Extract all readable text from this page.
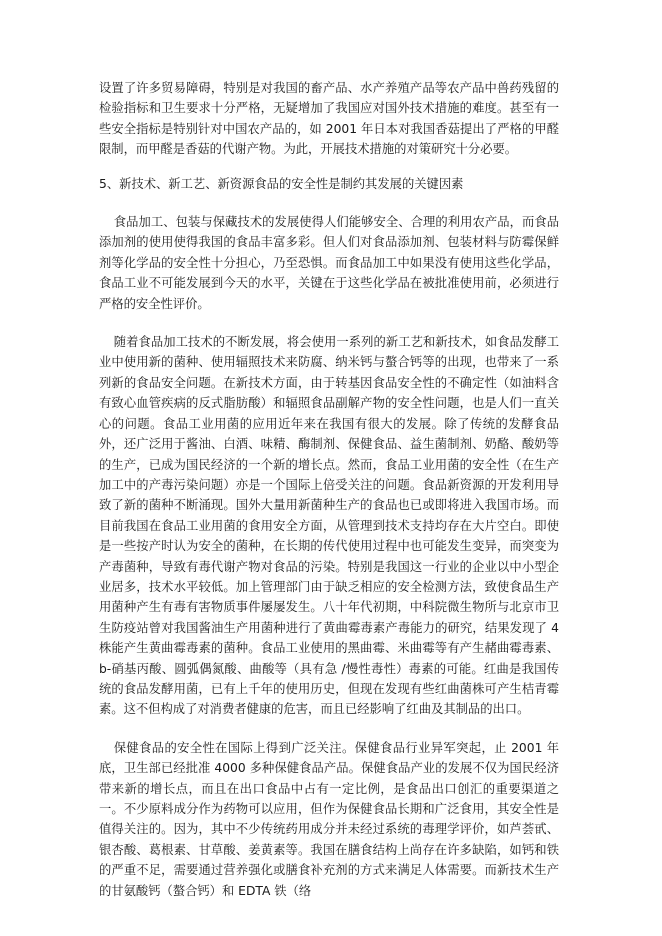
设置了许多贸易障碍，特别是对我国的畜产品、水产养殖产品等农产品中兽药残留的检验指标和卫生要求十分严格，无疑增加了我国应对国外技术措施的难度。甚至有一些安全指标是特别针对中国农产品的，如 2001 年日本对我国香菇提出了严格的甲醛限制，而甲醛是香菇的代谢产物。为此，开展技术措施的对策研究十分必要。

5、新技术、新工艺、新资源食品的安全性是制约其发展的关键因素

食品加工、包装与保藏技术的发展使得人们能够安全、合理的利用农产品，而食品添加剂的使用使得我国的食品丰富多彩。但人们对食品添加剂、包装材料与防霉保鲜剂等化学品的安全性十分担心，乃至恐惧。而食品加工中如果没有使用这些化学品，食品工业不可能发展到今天的水平，关键在于这些化学品在被批准使用前，必须进行严格的安全性评价。

随着食品加工技术的不断发展，将会使用一系列的新工艺和新技术，如食品发酵工业中使用新的菌种、使用辐照技术来防腐、纳米钙与螯合钙等的出现，也带来了一系列新的食品安全问题。在新技术方面，由于转基因食品安全性的不确定性（如油料含有致心血管疾病的反式脂肪酸）和辐照食品副解产物的安全性问题，也是人们一直关心的问题。食品工业用菌的应用近年来在我国有很大的发展。除了传统的发酵食品外，还广泛用于酱油、白酒、味精、酶制剂、保健食品、益生菌制剂、奶酪、酸奶等的生产，已成为国民经济的一个新的增长点。然而，食品工业用菌的安全性（在生产加工中的产毒污染问题）亦是一个国际上倍受关注的问题。食品新资源的开发利用导致了新的菌种不断涌现。国外大量用新菌种生产的食品也已或即将进入我国市场。而目前我国在食品工业用菌的食用安全方面，从管理到技术支持均存在大片空白。即使是一些按产时认为安全的菌种，在长期的传代使用过程中也可能发生变异，而突变为产毒菌种，导致有毒代谢产物对食品的污染。特别是我国这一行业的企业以中小型企业居多，技术水平较低。加上管理部门由于缺乏相应的安全检测方法，致使食品生产用菌种产生有毒有害物质事件屡屡发生。八十年代初期，中科院微生物所与北京市卫生防疫站曾对我国酱油生产用菌种进行了黄曲霉毒素产毒能力的研究，结果发现了 4 株能产生黄曲霉毒素的菌种。食品工业使用的黑曲霉、米曲霉等有产生赭曲霉毒素、 b-硝基丙酸、圆弧偶氮酸、曲酸等（具有急 /慢性毒性）毒素的可能。红曲是我国传统的食品发酵用菌，已有上千年的使用历史，但现在发现有些红曲菌株可产生桔青霉素。这不但构成了对消费者健康的危害，而且已经影响了红曲及其制品的出口。

保健食品的安全性在国际上得到广泛关注。保健食品行业异军突起，止 2001 年底，卫生部已经批准 4000 多种保健食品产品。保健食品产业的发展不仅为国民经济带来新的增长点，而且在出口食品中占有一定比例，是食品出口创汇的重要渠道之一。不少原料成分作为药物可以应用，但作为保健食品长期和广泛食用，其安全性是值得关注的。因为，其中不少传统药用成分并未经过系统的毒理学评价，如芦荟甙、银杏酸、葛根素、甘草酸、姜黄素等。我国在膳食结构上尚存在许多缺陷，如钙和铁的严重不足，需要通过营养强化或膳食补充剂的方式来满足人体需要。而新技术生产的甘氨酸钙（螯合钙）和 EDTA 铁（络
